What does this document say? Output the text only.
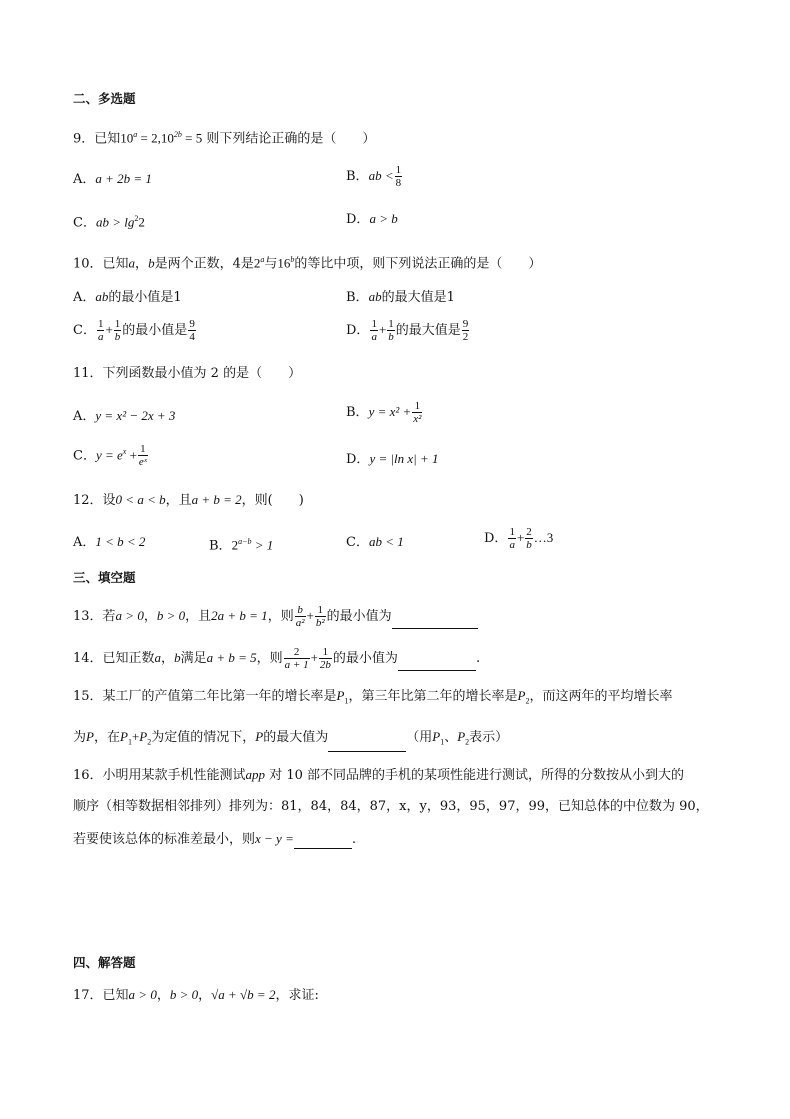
二、多选题
9．已知$10^a = 2,10^{2b} = 5$ 则下列结论正确的是（　　）
A．a + 2b = 1	B．ab < $\frac{1}{8}$
C．ab > $\lg^22$	D．a > b
10．已知a，b是两个正数，4是2$^a$与16$^b$的等比中项，则下列说法正确的是（　　）
A．ab的最小值是1	B．ab的最大值是1
C． $\frac{1}{a} + \frac{1}{b}$ 的最小值是 $\frac{9}{4}$	D． $\frac{1}{a} + \frac{1}{b}$ 的最大值是 $\frac{9}{2}$
11．下列函数最小值为 2 的是（　　）
A．y = x² − 2x + 3	B．$y = x^2 + \frac{1}{\text{x²}}$
C．$y = e^x + \frac{1}{\text{eˣ}}$	D．y = |ln x| + 1
12．设0 < a < b，且a + b = 2，则(　　)
A．1 < b < 2	B．$2^{a-b} > 1$	C．ab < 1	D． $\frac{1}{a} + \frac{2}{b}$ …3
三、填空题
13．若a > 0，b > 0，且2a + b = 1，则 $\frac{b}{\text{a²}} + \frac{1}{\text{b²}}$ 的最小值为
14．已知正数a，b满足a + b = 5，则 $\frac{2}{a + 1} + \frac{1}{2b}$ 的最小值为	.
15．某工厂的产值第二年比第一年的增长率是$P_1$，第三年比第二年的增长率是$P_2$，而这两年的平均增长率
为P，在$P_1+P_2$为定值的情况下，P的最大值为	（用$P_1$、$P_2$表示）
16．小明用某款手机性能测试app 对 10 部不同品牌的手机的某项性能进行测试，所得的分数按从小到大的
顺序（相等数据相邻排列）排列为：81，84，84，87，x，y，93，95，97，99，已知总体的中位数为 90，
若要使该总体的标准差最小，则x − y =	.
四、解答题
17．已知a > 0，b > 0，√a + √b = 2，求证:
